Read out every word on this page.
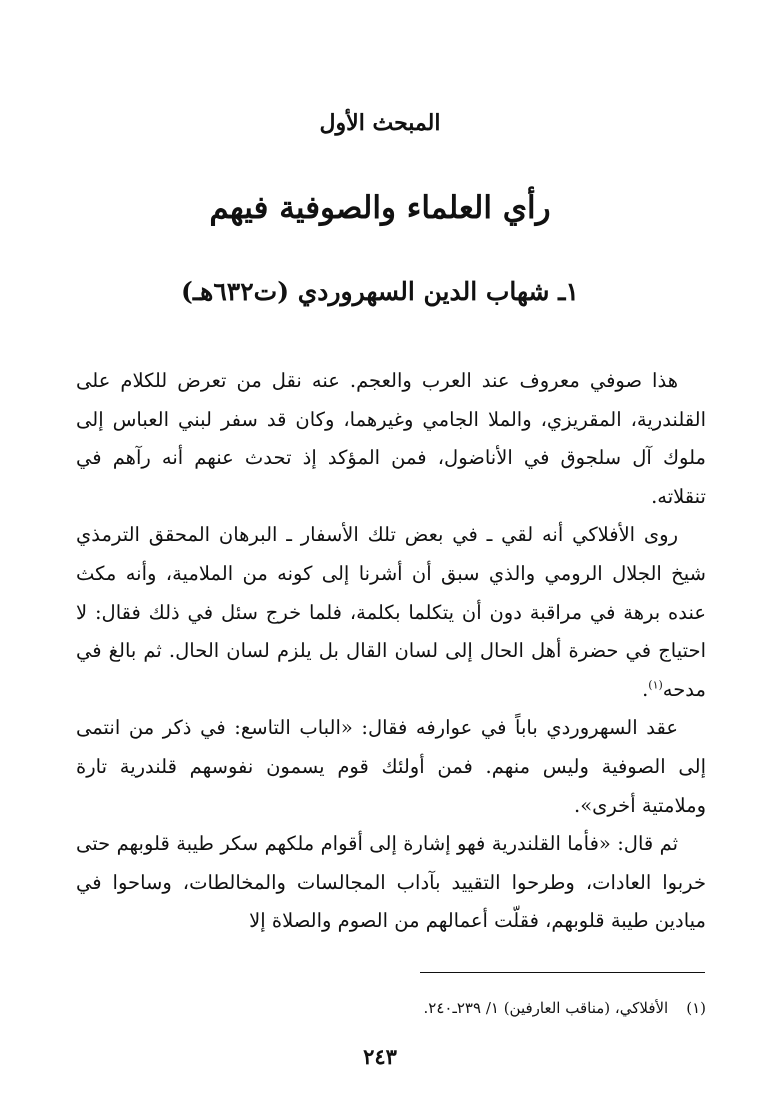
المبحث الأول
رأي العلماء والصوفية فيهم
١ـ شهاب الدين السهروردي (ت٦٣٢هـ)

هذا صوفي معروف عند العرب والعجم. عنه نقل من تعرض للكلام على القلندرية، المقريزي، والملا الجامي وغيرهما، وكان قد سفر لبني العباس إلى ملوك آل سلجوق في الأناضول، فمن المؤكد إذ تحدث عنهم أنه رآهم في تنقلاته.

روى الأفلاكي أنه لقي ـ في بعض تلك الأسفار ـ البرهان المحقق الترمذي شيخ الجلال الرومي والذي سبق أن أشرنا إلى كونه من الملامية، وأنه مكث عنده برهة في مراقبة دون أن يتكلما بكلمة، فلما خرج سئل في ذلك فقال: لا احتياج في حضرة أهل الحال إلى لسان القال بل يلزم لسان الحال. ثم بالغ في مدحه$^{(١)}$.

عقد السهروردي باباً في عوارفه فقال: «الباب التاسع: في ذكر من انتمى إلى الصوفية وليس منهم. فمن أولئك قوم يسمون نفوسهم قلندرية تارة وملامتية أخرى».

ثم قال: «فأما القلندرية فهو إشارة إلى أقوام ملكهم سكر طيبة قلوبهم حتى خربوا العادات، وطرحوا التقييد بآداب المجالسات والمخالطات، وساحوا في ميادين طيبة قلوبهم، فقلّت أعمالهم من الصوم والصلاة إلا

(١)الأفلاكي، (مناقب العارفين) ١/ ٢٣٩ـ٢٤٠.
٢٤٣
